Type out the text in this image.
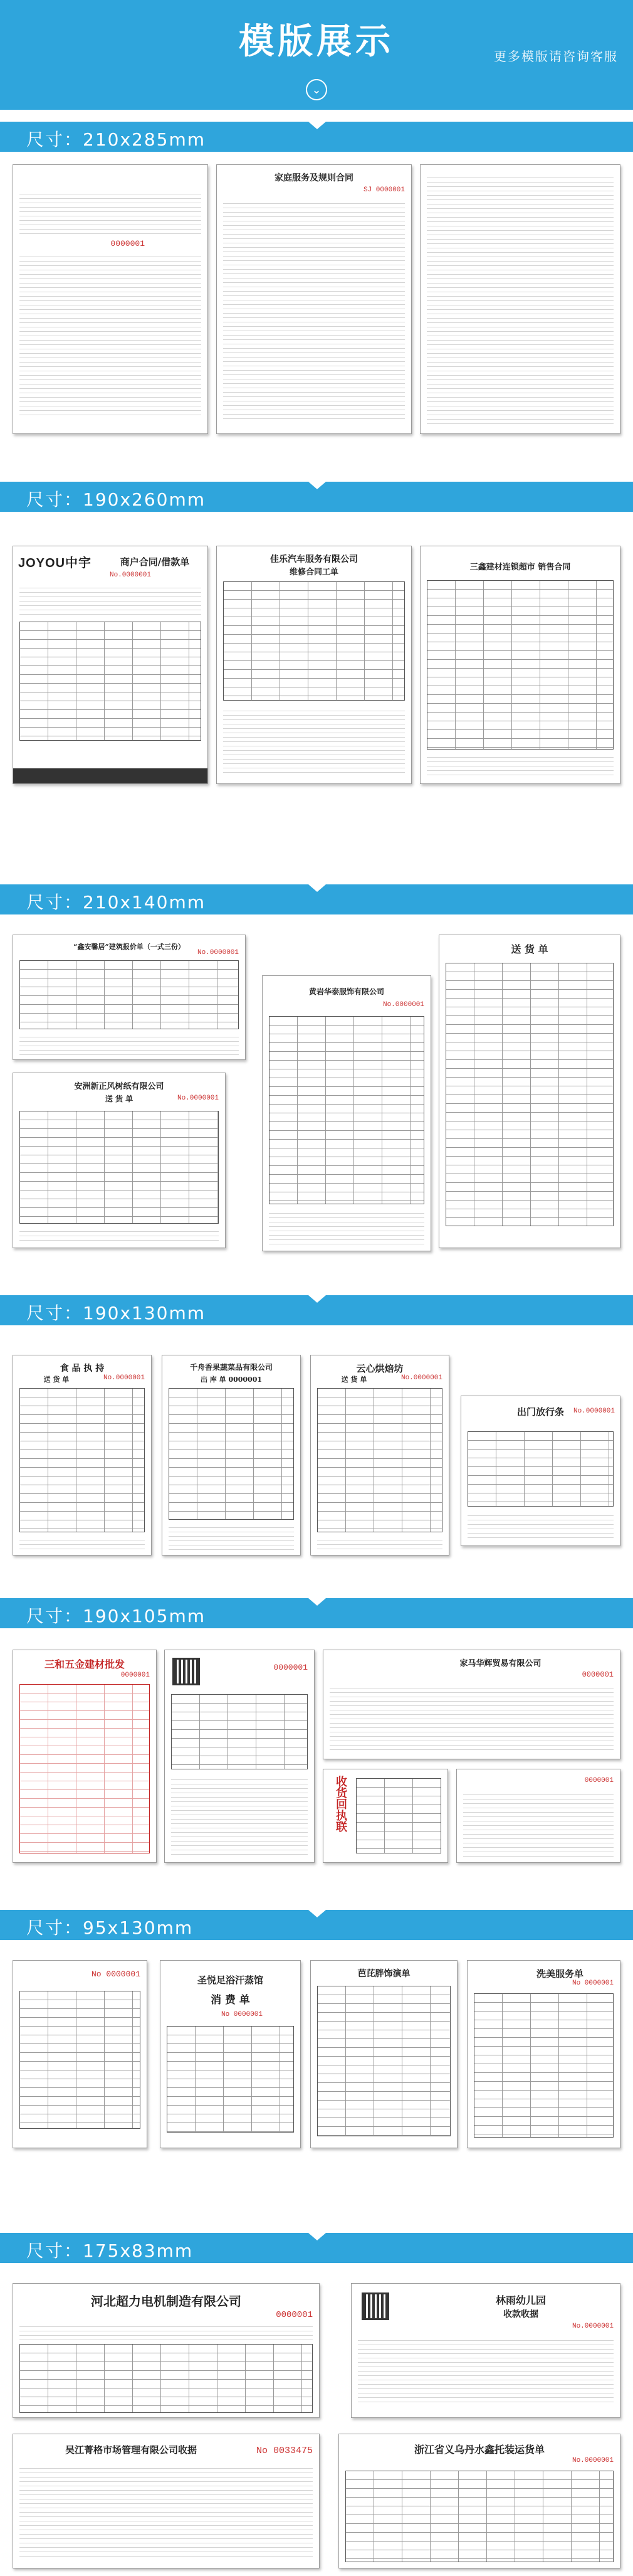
模版展示	更多模版请咨询客服
⌄
尺寸：210x285mm
0000001
家庭服务及规则合同
SJ 0000001
尺寸：190x260mm
JOYOU中宇	商户合同/借款单
No.0000001
佳乐汽车服务有限公司
维修合同工单
三鑫建材连锁超市 销售合同
尺寸：210x140mm
“鑫安馨居”建筑报价单（一式三份）
No.0000001
黄岩华泰服饰有限公司
No.0000001
送 货 单
安洲新正风树纸有限公司
送 货 单	No.0000001
尺寸：190x130mm
食 品 执 持
送 货 单	No.0000001
千舟香果蔬菜品有限公司
出 库 单 0000001
云心烘焙坊
送 货 单	No.0000001
出门放行条	No.0000001
尺寸：190x105mm
三和五金建材批发
0000001
0000001	家马华辉贸易有限公司
0000001
收货回执联	0000001
尺寸：95x130mm
No 0000001
圣悦足浴汗蒸馆
消 费 单
No 0000001
芭芘胖饰演单	洗美服务单
No 0000001
尺寸：175x83mm
河北超力电机制造有限公司
0000001
林雨幼儿园
收款收据
No.0000001
吴江菁格市场管理有限公司收据	No 0033475	浙江省义乌丹水鑫托装运货单
No.0000001
